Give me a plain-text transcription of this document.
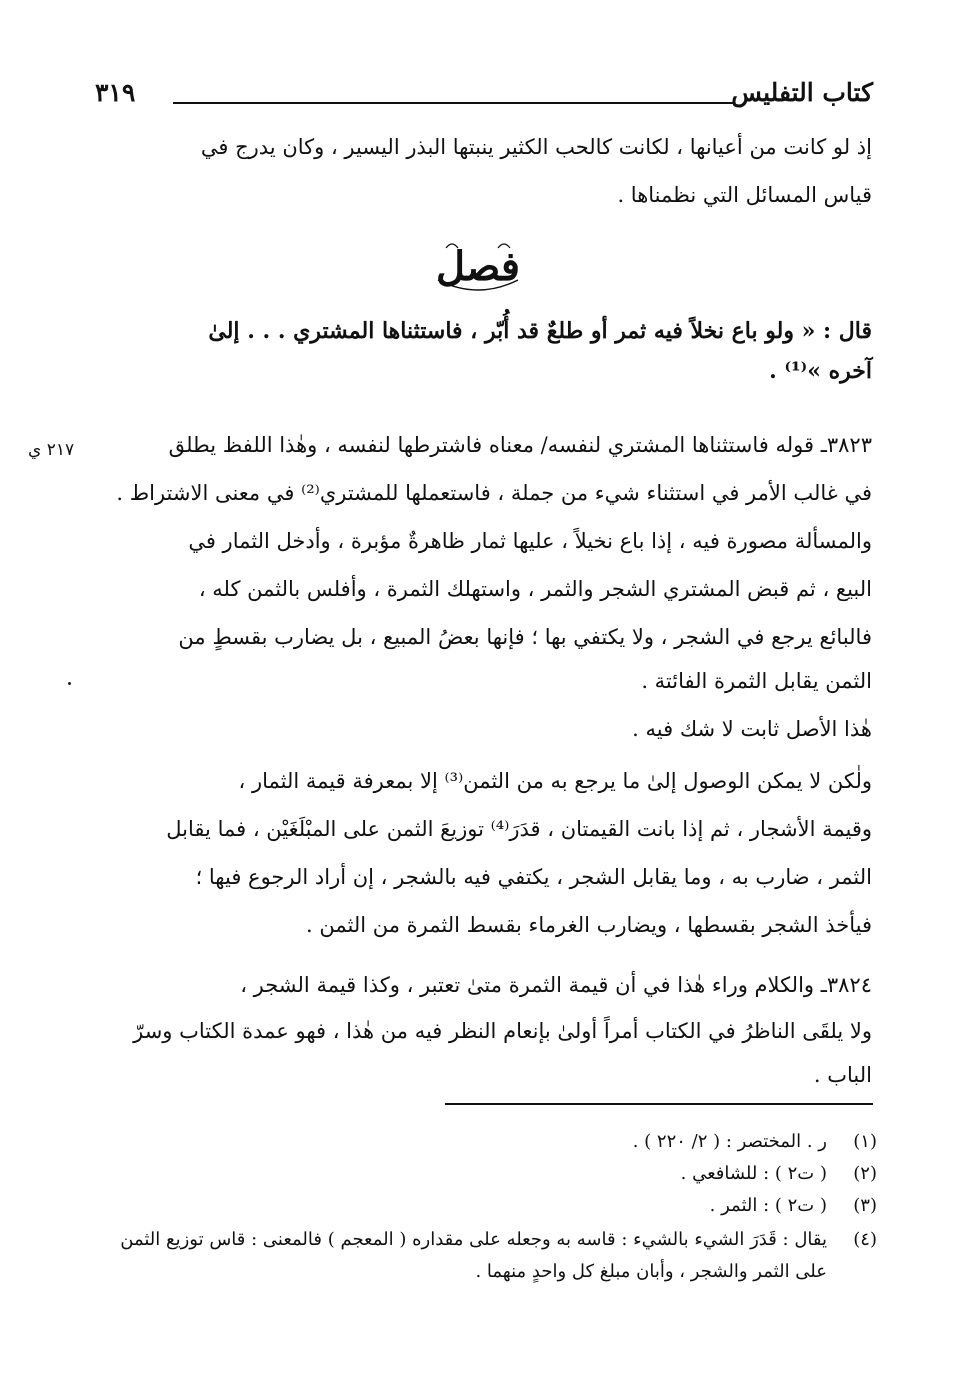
كتاب التفليس
٣١٩
إذ لو كانت من أعيانها ، لكانت كالحب الكثير ينبتها البذر اليسير ، وكان يدرج في
قياس المسائل التي نظمناها .
فصل
قال : « ولو باع نخلاً فيه ثمر أو طلعٌ قد أُبّر ، فاستثناها المشتري . . . إلىٰ
آخره »⁽¹⁾ .
٢١٧ ي	٣٨٢٣ـ قوله فاستثناها المشتري لنفسه/ معناه فاشترطها لنفسه ، وهٰذا اللفظ يطلق
في غالب الأمر في استثناء شيء من جملة ، فاستعملها للمشتري⁽²⁾ في معنى الاشتراط .
والمسألة مصورة فيه ، إذا باع نخيلاً ، عليها ثمار ظاهرةٌ مؤبرة ، وأدخل الثمار في
البيع ، ثم قبض المشتري الشجر والثمر ، واستهلك الثمرة ، وأفلس بالثمن كله ،
فالبائع يرجع في الشجر ، ولا يكتفي بها ؛ فإنها بعضُ المبيع ، بل يضارب بقسطٍ من
الثمن يقابل الثمرة الفائتة .
هٰذا الأصل ثابت لا شك فيه .
ولٰكن لا يمكن الوصول إلىٰ ما يرجع به من الثمن⁽³⁾ إلا بمعرفة قيمة الثمار ،
وقيمة الأشجار ، ثم إذا بانت القيمتان ، قدَرَ⁽⁴⁾ توزيعَ الثمن على المبْلَغَيْن ، فما يقابل
الثمر ، ضارب به ، وما يقابل الشجر ، يكتفي فيه بالشجر ، إن أراد الرجوع فيها ؛
فيأخذ الشجر بقسطها ، ويضارب الغرماء بقسط الثمرة من الثمن .
٣٨٢٤ـ والكلام وراء هٰذا في أن قيمة الثمرة متىٰ تعتبر ، وكذا قيمة الشجر ،
ولا يلقَى الناظرُ في الكتاب أمراً أولىٰ بإنعام النظر فيه من هٰذا ، فهو عمدة الكتاب وسرّ
الباب .
(١)ر . المختصر : ( ٢/ ٢٢٠ ) .
(٢)( ت٢ ) : للشافعي .
(٣)( ت٢ ) : الثمر .
(٤)يقال : قَدَرَ الشيء بالشيء : قاسه به وجعله على مقداره ( المعجم ) فالمعنى : قاس توزيع الثمن
على الثمر والشجر ، وأبان مبلغ كل واحدٍ منهما .
